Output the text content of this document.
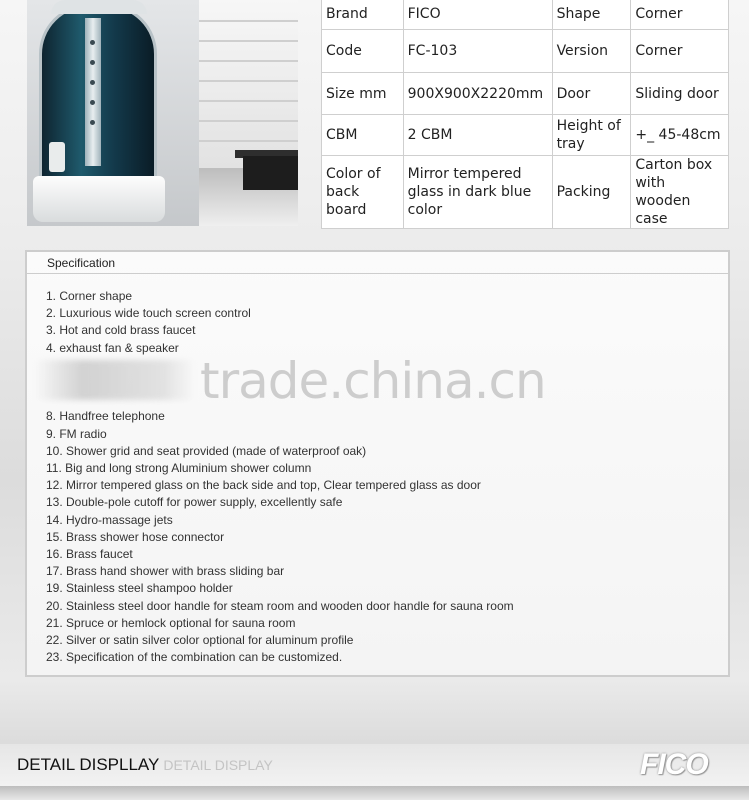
Brand	FICO	Shape	Corner
Code	FC-103	Version	Corner
Size mm	900X900X2220mm	Door	Sliding door
CBM	2 CBM	Height of tray	+_ 45-48cm
Color of back board	Mirror tempered glass in dark blue color	Packing	Carton box with wooden case
Specification
1. Corner shape
2. Luxurious wide touch screen control
3. Hot and cold brass faucet
4. exhaust fan & speaker
8. Handfree telephone
9. FM radio
10. Shower grid and seat provided (made of waterproof oak)
11. Big and long strong Aluminium shower column
12. Mirror tempered glass on the back side and top, Clear tempered glass as door
13. Double-pole cutoff for power supply, excellently safe
14. Hydro-massage jets
15. Brass shower hose connector
16. Brass faucet
17. Brass hand shower with brass sliding bar
19. Stainless steel shampoo holder
20. Stainless steel door handle for steam room and wooden door handle for sauna room
21. Spruce or hemlock optional for sauna room
22. Silver or satin silver color optional for aluminum profile
23. Specification of the combination can be customized.
trade.china.cn
DETAIL DISPLLAY DETAIL DISPLAY	FICO
